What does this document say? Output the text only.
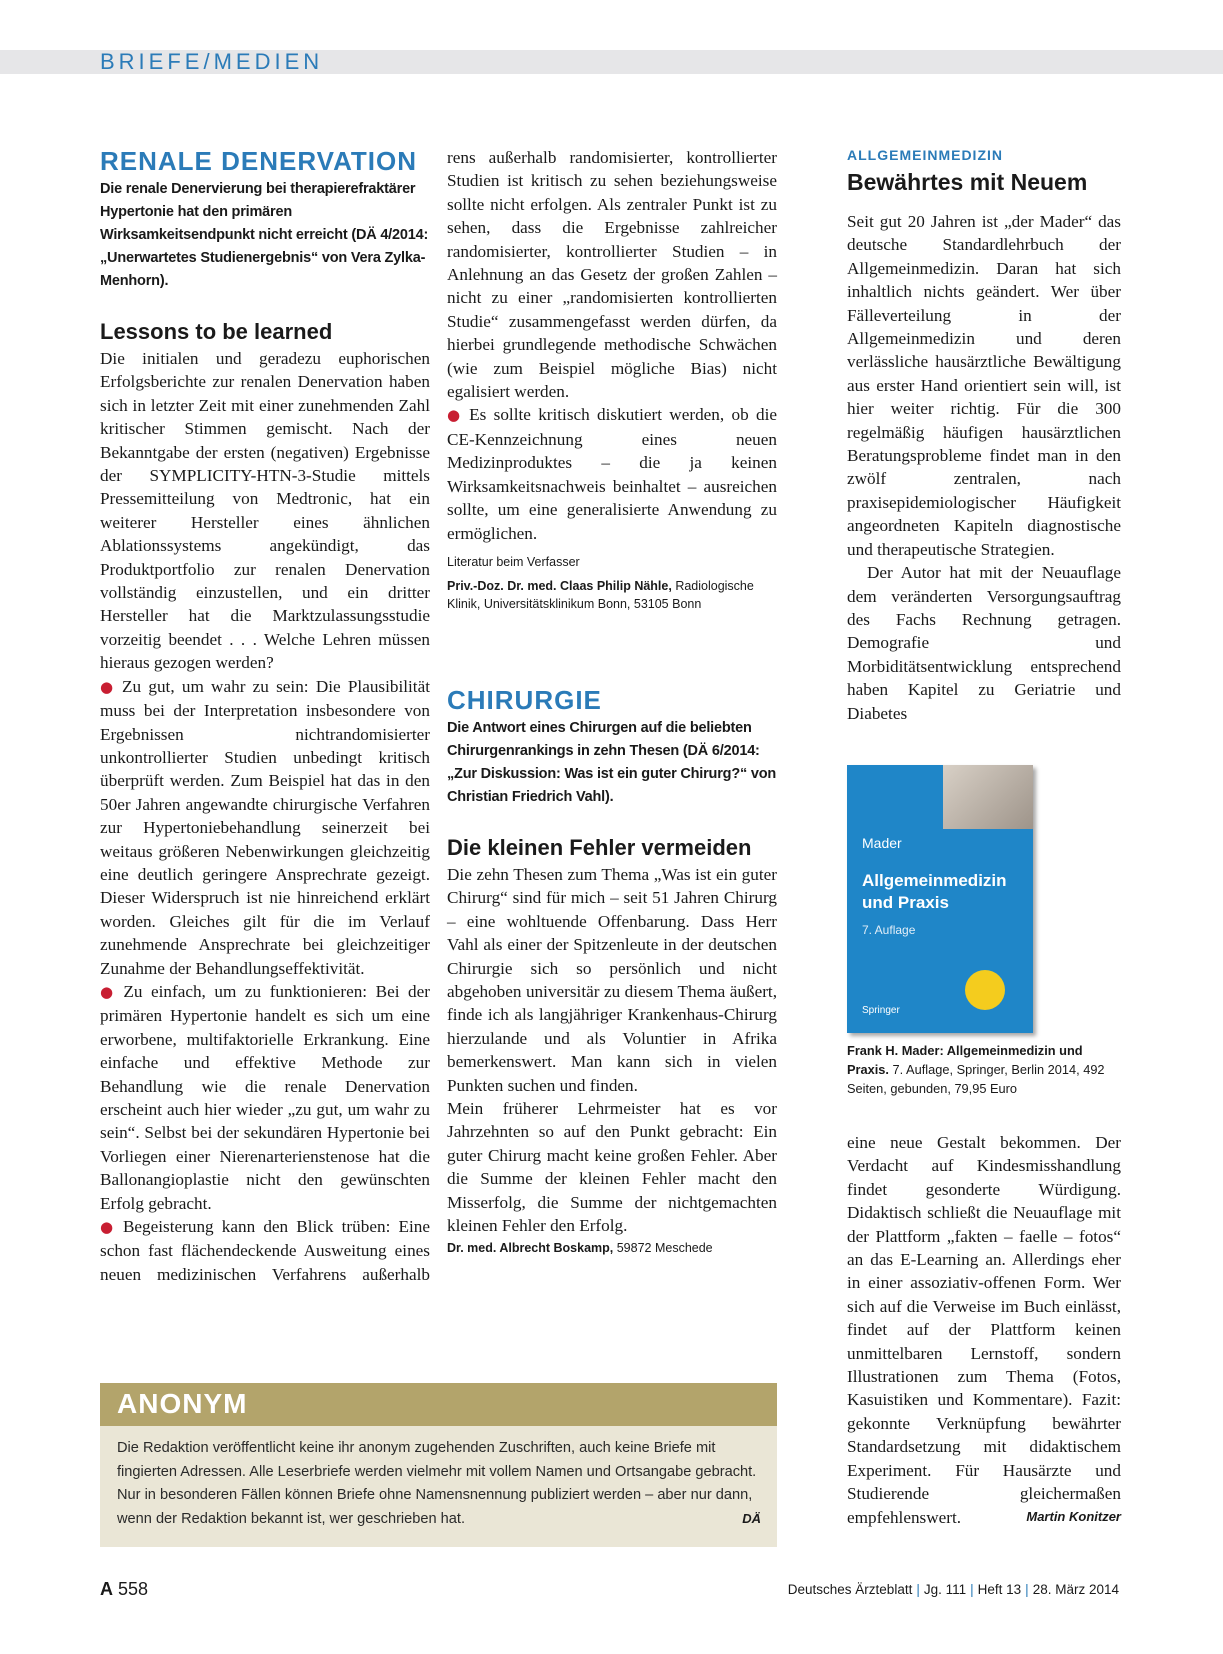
BRIEFE/MEDIEN
RENALE DENERVATION

Die renale Denervierung bei therapierefraktärer Hypertonie hat den primären Wirksamkeitsendpunkt nicht erreicht (DÄ 4/2014: „Unerwartetes Studienergebnis“ von Vera Zylka-Menhorn).

Lessons to be learned

Die initialen und geradezu euphorischen Erfolgsberichte zur renalen Denervation haben sich in letzter Zeit mit einer zunehmenden Zahl kritischer Stimmen gemischt. Nach der Bekanntgabe der ersten (negativen) Ergebnisse der SYMPLICITY-HTN-3-Studie mittels Pressemitteilung von Medtronic, hat ein weiterer Hersteller eines ähnlichen Ablationssystems angekündigt, das Produktportfolio zur renalen Denervation vollständig einzustellen, und ein dritter Hersteller hat die Marktzulassungsstudie vorzeitig beendet . . . Welche Lehren müssen hieraus gezogen werden?

● Zu gut, um wahr zu sein: Die Plausibilität muss bei der Interpretation insbesondere von Ergebnissen nichtrandomisierter unkontrollierter Studien unbedingt kritisch überprüft werden. Zum Beispiel hat das in den 50er Jahren angewandte chirurgische Verfahren zur Hypertoniebehandlung seinerzeit bei weitaus größeren Nebenwirkungen gleichzeitig eine deutlich geringere Ansprechrate gezeigt. Dieser Widerspruch ist nie hinreichend erklärt worden. Gleiches gilt für die im Verlauf zunehmende Ansprechrate bei gleichzeitiger Zunahme der Behandlungseffektivität.

● Zu einfach, um zu funktionieren: Bei der primären Hypertonie handelt es sich um eine erworbene, multifaktorielle Erkrankung. Eine einfache und effektive Methode zur Behandlung wie die renale Denervation erscheint auch hier wieder „zu gut, um wahr zu sein“. Selbst bei der sekundären Hypertonie bei Vorliegen einer Nierenarterienstenose hat die Ballonangioplastie nicht den gewünschten Erfolg gebracht.

● Begeisterung kann den Blick trüben: Eine schon fast flächendeckende Ausweitung eines neuen medizinischen Verfahrens außerhalb

rens außerhalb randomisierter, kontrollierter Studien ist kritisch zu sehen beziehungsweise sollte nicht erfolgen. Als zentraler Punkt ist zu sehen, dass die Ergebnisse zahlreicher randomisierter, kontrollierter Studien – in Anlehnung an das Gesetz der großen Zahlen – nicht zu einer „randomisierten kontrollierten Studie“ zusammengefasst werden dürfen, da hierbei grundlegende methodische Schwächen (wie zum Beispiel mögliche Bias) nicht egalisiert werden.

● Es sollte kritisch diskutiert werden, ob die CE-Kennzeichnung eines neuen Medizinproduktes – die ja keinen Wirksamkeitsnachweis beinhaltet – ausreichen sollte, um eine generalisierte Anwendung zu ermöglichen.

Literatur beim Verfasser

Priv.-Doz. Dr. med. Claas Philip Nähle, Radiologische Klinik, Universitätsklinikum Bonn, 53105 Bonn

CHIRURGIE

Die Antwort eines Chirurgen auf die beliebten Chirurgenrankings in zehn Thesen (DÄ 6/2014: „Zur Diskussion: Was ist ein guter Chirurg?“ von Christian Friedrich Vahl).

Die kleinen Fehler vermeiden

Die zehn Thesen zum Thema „Was ist ein guter Chirurg“ sind für mich – seit 51 Jahren Chirurg – eine wohltuende Offenbarung. Dass Herr Vahl als einer der Spitzenleute in der deutschen Chirurgie sich so persönlich und nicht abgehoben universitär zu diesem Thema äußert, finde ich als langjähriger Krankenhaus-Chirurg hierzulande und als Voluntier in Afrika bemerkenswert. Man kann sich in vielen Punkten suchen und finden.

Mein früherer Lehrmeister hat es vor Jahrzehnten so auf den Punkt gebracht: Ein guter Chirurg macht keine großen Fehler. Aber die Summe der kleinen Fehler macht den Misserfolg, die Summe der nichtgemachten kleinen Fehler den Erfolg.

Dr. med. Albrecht Boskamp, 59872 Meschede

ALLGEMEINMEDIZIN

Bewährtes mit Neuem

Seit gut 20 Jahren ist „der Mader“ das deutsche Standardlehrbuch der Allgemeinmedizin. Daran hat sich inhaltlich nichts geändert. Wer über Fälleverteilung in der Allgemeinmedizin und deren verlässliche hausärztliche Bewältigung aus erster Hand orientiert sein will, ist hier weiter richtig. Für die 300 regelmäßig häufigen hausärztlichen Beratungsprobleme findet man in den zwölf zentralen, nach praxisepidemiologischer Häufigkeit angeordneten Kapiteln diagnostische und therapeutische Strategien.

Der Autor hat mit der Neuauflage dem veränderten Versorgungsauftrag des Fachs Rechnung getragen. Demografie und Morbiditätsentwicklung entsprechend haben Kapitel zu Geriatrie und Diabetes

Mader
Allgemeinmedizin und Praxis
7. Auflage
Springer

Frank H. Mader: Allgemeinmedizin und Praxis. 7. Auflage, Springer, Berlin 2014, 492 Seiten, gebunden, 79,95 Euro

eine neue Gestalt bekommen. Der Verdacht auf Kindesmisshandlung findet gesonderte Würdigung. Didaktisch schließt die Neuauflage mit der Plattform „fakten – faelle – fotos“ an das E-Learning an. Allerdings eher in einer assoziativ-offenen Form. Wer sich auf die Verweise im Buch einlässt, findet auf der Plattform keinen unmittelbaren Lernstoff, sondern Illustrationen zum Thema (Fotos, Kasuistiken und Kommentare). Fazit: gekonnte Verknüpfung bewährter Standardsetzung mit didaktischem Experiment. Für Hausärzte und Studierende gleichermaßen empfehlenswert.	Martin Konitzer
ANONYM

Die Redaktion veröffentlicht keine ihr anonym zugehenden Zuschriften, auch keine Briefe mit fingierten Adressen. Alle Leserbriefe werden vielmehr mit vollem Namen und Ortsangabe gebracht. Nur in besonderen Fällen können Briefe ohne Namensnennung publiziert werden – aber nur dann, wenn der Redaktion bekannt ist, wer geschrieben hat.	DÄ
A 558	Deutsches Ärzteblatt | Jg. 111 | Heft 13 | 28. März 2014
